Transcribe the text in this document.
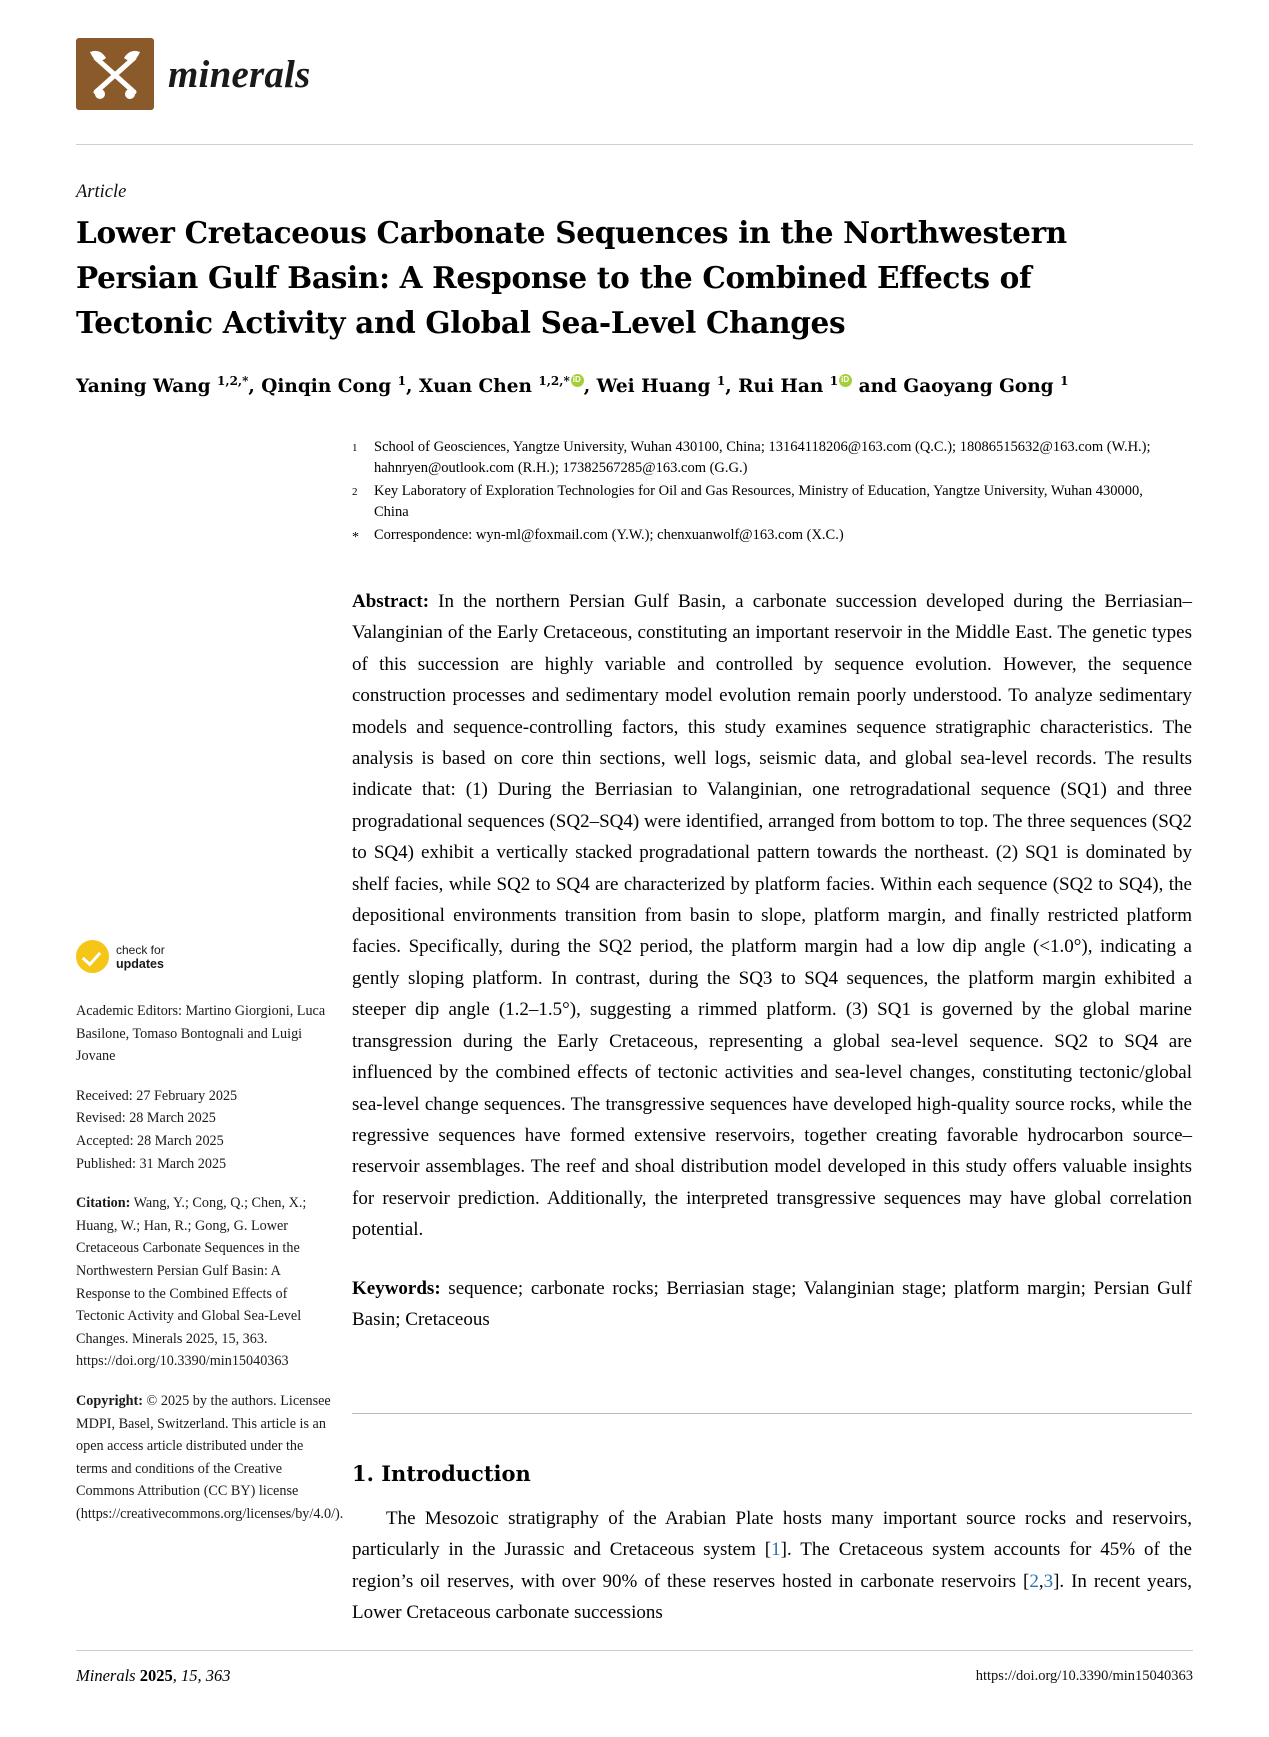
minerals
Article
Lower Cretaceous Carbonate Sequences in the Northwestern Persian Gulf Basin: A Response to the Combined Effects of Tectonic Activity and Global Sea-Level Changes
Yaning Wang $^{1,2,*}$, Qinqin Cong $^1$, Xuan Chen $^{1,2,*}$ iD , Wei Huang $^1$, Rui Han $^1$iD and Gaoyang Gong $^1$
1	School of Geosciences, Yangtze University, Wuhan 430100, China; 13164118206@163.com (Q.C.); 18086515632@163.com (W.H.); hahnryen@outlook.com (R.H.); 17382567285@163.com (G.G.)
2	Key Laboratory of Exploration Technologies for Oil and Gas Resources, Ministry of Education, Yangtze University, Wuhan 430000, China
*	Correspondence: wyn-ml@foxmail.com (Y.W.); chenxuanwolf@163.com (X.C.)
Abstract: In the northern Persian Gulf Basin, a carbonate succession developed during the Berriasian–Valanginian of the Early Cretaceous, constituting an important reservoir in the Middle East. The genetic types of this succession are highly variable and controlled by sequence evolution. However, the sequence construction processes and sedimentary model evolution remain poorly understood. To analyze sedimentary models and sequence-controlling factors, this study examines sequence stratigraphic characteristics. The analysis is based on core thin sections, well logs, seismic data, and global sea-level records. The results indicate that: (1) During the Berriasian to Valanginian, one retrogradational sequence (SQ1) and three progradational sequences (SQ2–SQ4) were identified, arranged from bottom to top. The three sequences (SQ2 to SQ4) exhibit a vertically stacked progradational pattern towards the northeast. (2) SQ1 is dominated by shelf facies, while SQ2 to SQ4 are characterized by platform facies. Within each sequence (SQ2 to SQ4), the depositional environments transition from basin to slope, platform margin, and finally restricted platform facies. Specifically, during the SQ2 period, the platform margin had a low dip angle (<1.0°), indicating a gently sloping platform. In contrast, during the SQ3 to SQ4 sequences, the platform margin exhibited a steeper dip angle (1.2–1.5°), suggesting a rimmed platform. (3) SQ1 is governed by the global marine transgression during the Early Cretaceous, representing a global sea-level sequence. SQ2 to SQ4 are influenced by the combined effects of tectonic activities and sea-level changes, constituting tectonic/global sea-level change sequences. The transgressive sequences have developed high-quality source rocks, while the regressive sequences have formed extensive reservoirs, together creating favorable hydrocarbon source–reservoir assemblages. The reef and shoal distribution model developed in this study offers valuable insights for reservoir prediction. Additionally, the interpreted transgressive sequences may have global correlation potential.
Keywords: sequence; carbonate rocks; Berriasian stage; Valanginian stage; platform margin; Persian Gulf Basin; Cretaceous
1. Introduction
The Mesozoic stratigraphy of the Arabian Plate hosts many important source rocks and reservoirs, particularly in the Jurassic and Cretaceous system [1]. The Cretaceous system accounts for 45% of the region’s oil reserves, with over 90% of these reserves hosted in carbonate reservoirs [2,3]. In recent years, Lower Cretaceous carbonate successions
check for
updates
Academic Editors: Martino Giorgioni, Luca Basilone, Tomaso Bontognali and Luigi Jovane
Received: 27 February 2025
Revised: 28 March 2025
Accepted: 28 March 2025
Published: 31 March 2025
Citation: Wang, Y.; Cong, Q.; Chen, X.; Huang, W.; Han, R.; Gong, G. Lower Cretaceous Carbonate Sequences in the Northwestern Persian Gulf Basin: A Response to the Combined Effects of Tectonic Activity and Global Sea-Level Changes. Minerals 2025, 15, 363. https://doi.org/10.3390/min15040363
Copyright: © 2025 by the authors. Licensee MDPI, Basel, Switzerland. This article is an open access article distributed under the terms and conditions of the Creative Commons Attribution (CC BY) license (https://creativecommons.org/licenses/by/4.0/).
Minerals 2025, 15, 363	https://doi.org/10.3390/min15040363
